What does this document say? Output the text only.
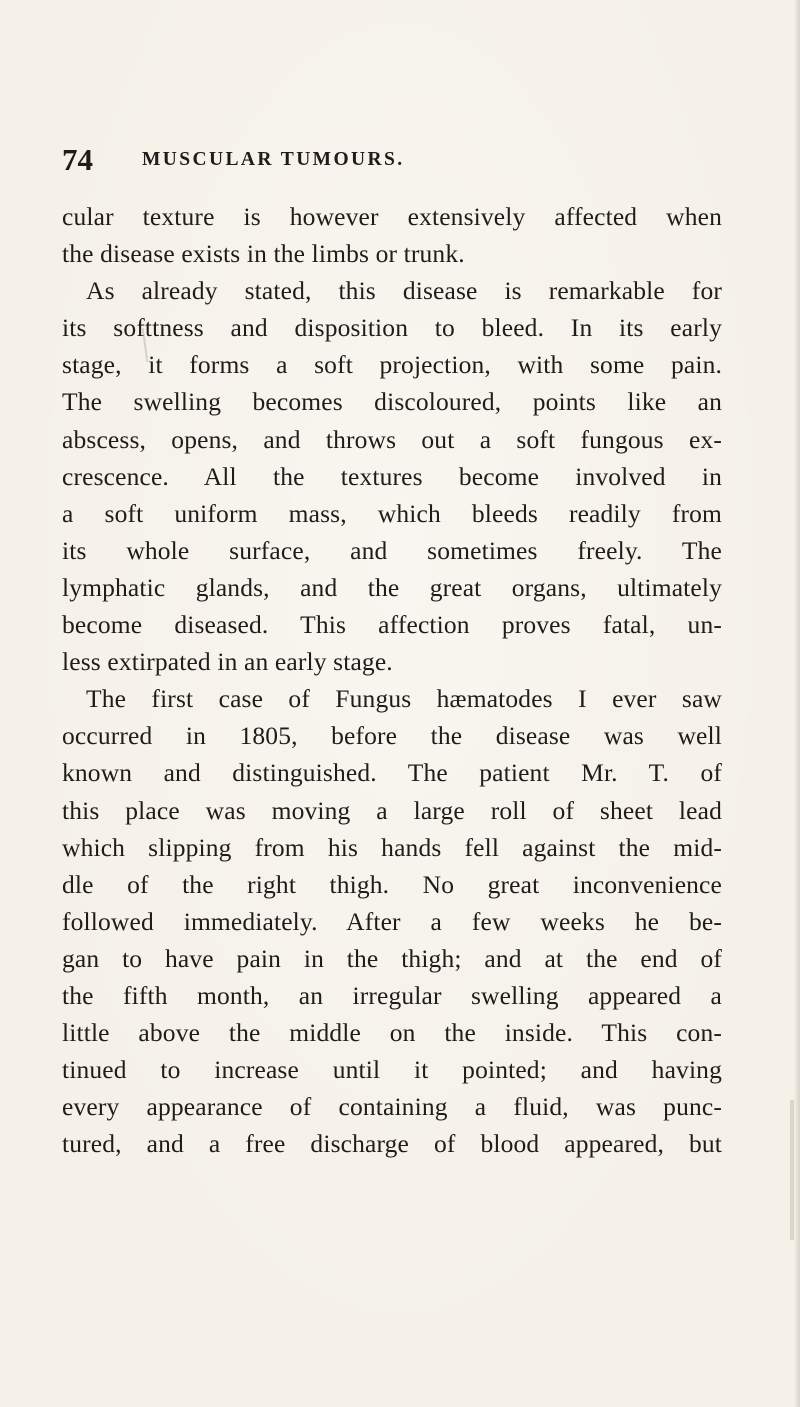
74	MUSCULAR TUMOURS.
cular texture is however extensively affected when
the disease exists in the limbs or trunk.
As already stated, this disease is remarkable for
its softtness and disposition to bleed. In its early
stage, it forms a soft projection, with some pain.
The swelling becomes discoloured, points like an
abscess, opens, and throws out a soft fungous ex-
crescence. All the textures become involved in
a soft uniform mass, which bleeds readily from
its whole surface, and sometimes freely. The
lymphatic glands, and the great organs, ultimately
become diseased. This affection proves fatal, un-
less extirpated in an early stage.
The first case of Fungus hæmatodes I ever saw
occurred in 1805, before the disease was well
known and distinguished. The patient Mr. T. of
this place was moving a large roll of sheet lead
which slipping from his hands fell against the mid-
dle of the right thigh. No great inconvenience
followed immediately. After a few weeks he be-
gan to have pain in the thigh; and at the end of
the fifth month, an irregular swelling appeared a
little above the middle on the inside. This con-
tinued to increase until it pointed; and having
every appearance of containing a fluid, was punc-
tured, and a free discharge of blood appeared, but
